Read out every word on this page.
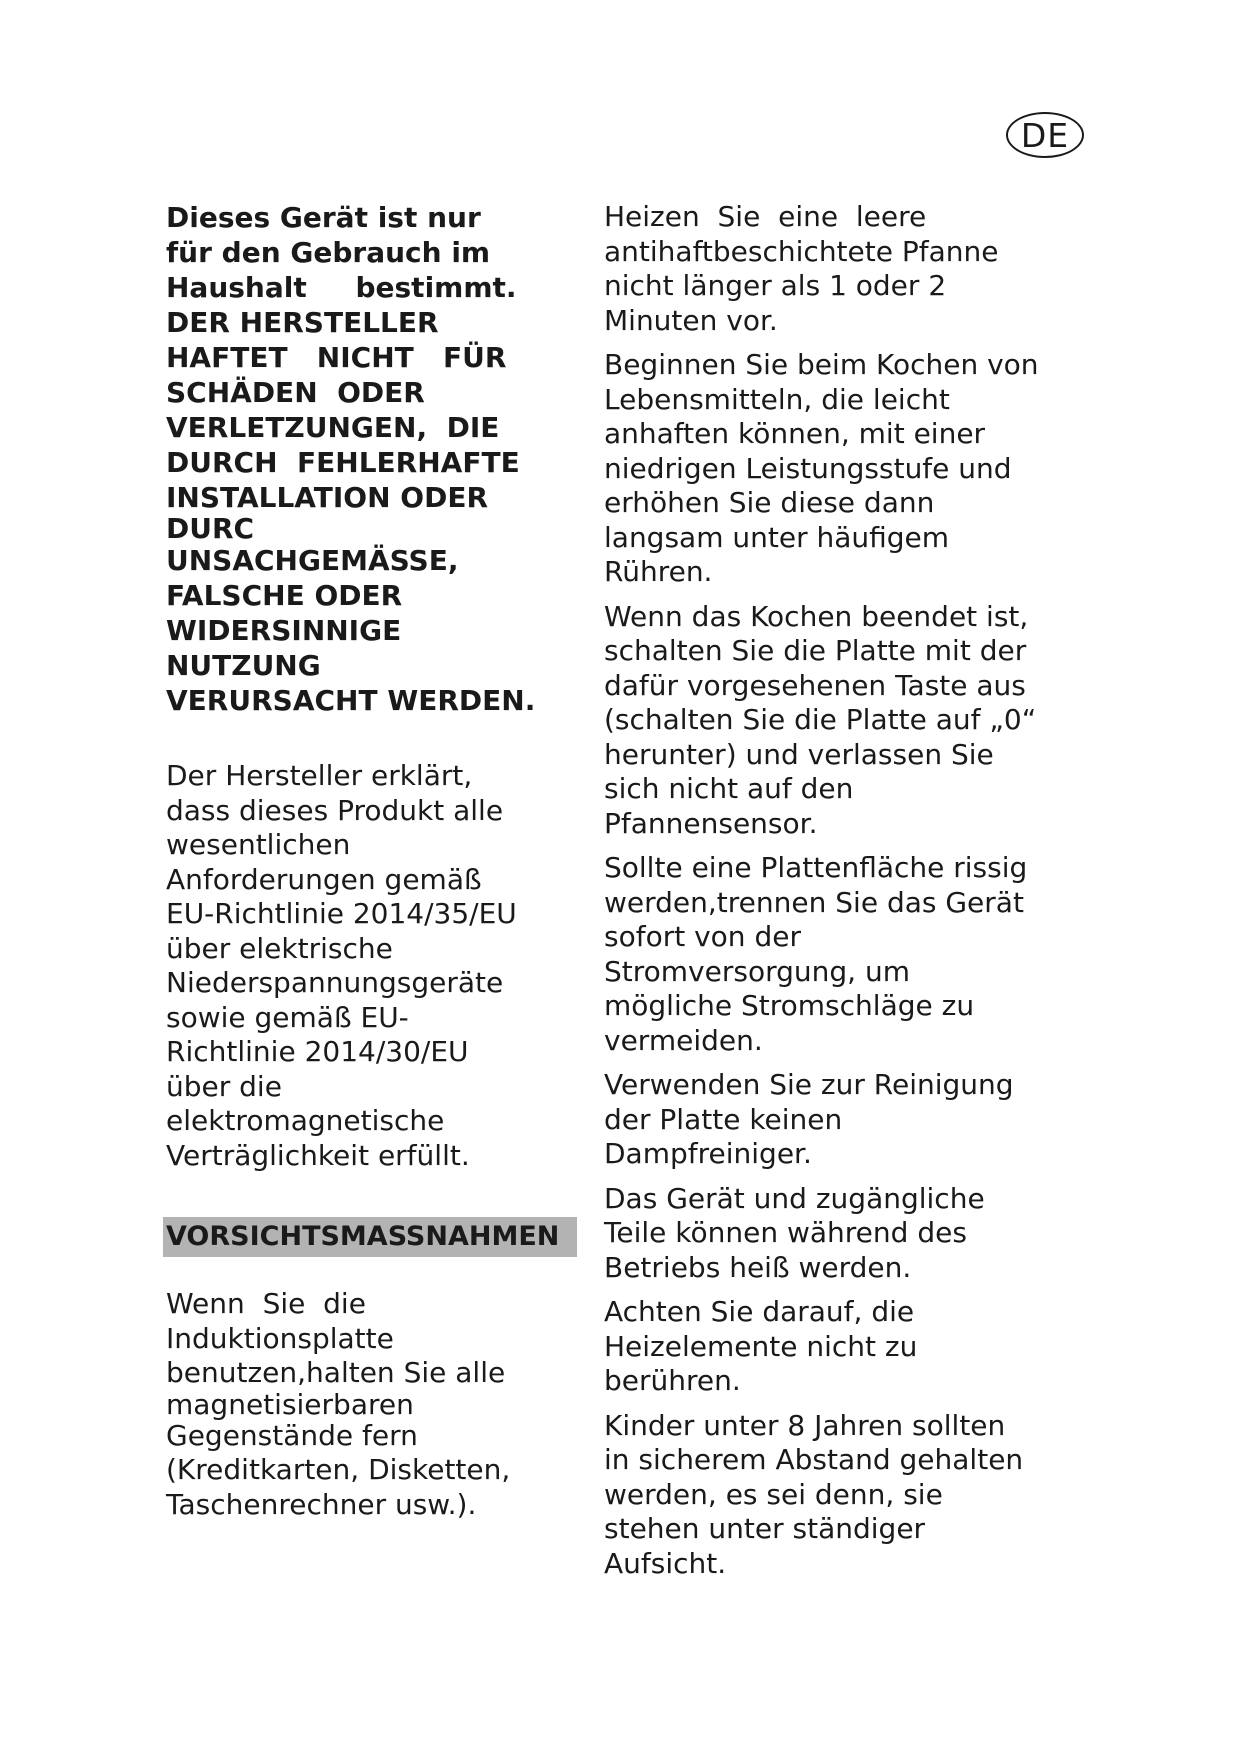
DE

Dieses Gerät ist nur

für den Gebrauch im

Haushalt     bestimmt.

DER HERSTELLER

HAFTET   NICHT   FÜR

SCHÄDEN  ODER

VERLETZUNGEN,  DIE

DURCH  FEHLERHAFTE

INSTALLATION ODER

DURC

UNSACHGEMÄSSE,

FALSCHE ODER

WIDERSINNIGE

NUTZUNG

VERURSACHT WERDEN.

Der Hersteller erklärt,
dass dieses Produkt alle
wesentlichen
Anforderungen gemäß
EU-Richtlinie 2014/35/EU
über elektrische
Niederspannungsgeräte
sowie gemäß EU-
Richtlinie 2014/30/EU
über die
elektromagnetische
Verträglichkeit erfüllt.
VORSICHTSMASSNAHMEN
Wenn  Sie  die
Induktionsplatte
benutzen,halten Sie alle
magnetisierbaren
Gegenstände fern
(Kreditkarten, Disketten,
Taschenrechner usw.).
Heizen  Sie  eine  leere
antihaftbeschichtete Pfanne
nicht länger als 1 oder 2
Minuten vor.
Beginnen Sie beim Kochen von
Lebensmitteln, die leicht
anhaften können, mit einer
niedrigen Leistungsstufe und
erhöhen Sie diese dann
langsam unter häufigem
Rühren.
Wenn das Kochen beendet ist,
schalten Sie die Platte mit der
dafür vorgesehenen Taste aus
(schalten Sie die Platte auf „0“
herunter) und verlassen Sie
sich nicht auf den
Pfannensensor.
Sollte eine Plattenfläche rissig
werden,trennen Sie das Gerät
sofort von der
Stromversorgung, um
mögliche Stromschläge zu
vermeiden.
Verwenden Sie zur Reinigung
der Platte keinen
Dampfreiniger.
Das Gerät und zugängliche
Teile können während des
Betriebs heiß werden.
Achten Sie darauf, die
Heizelemente nicht zu
berühren.
Kinder unter 8 Jahren sollten
in sicherem Abstand gehalten
werden, es sei denn, sie
stehen unter ständiger
Aufsicht.
